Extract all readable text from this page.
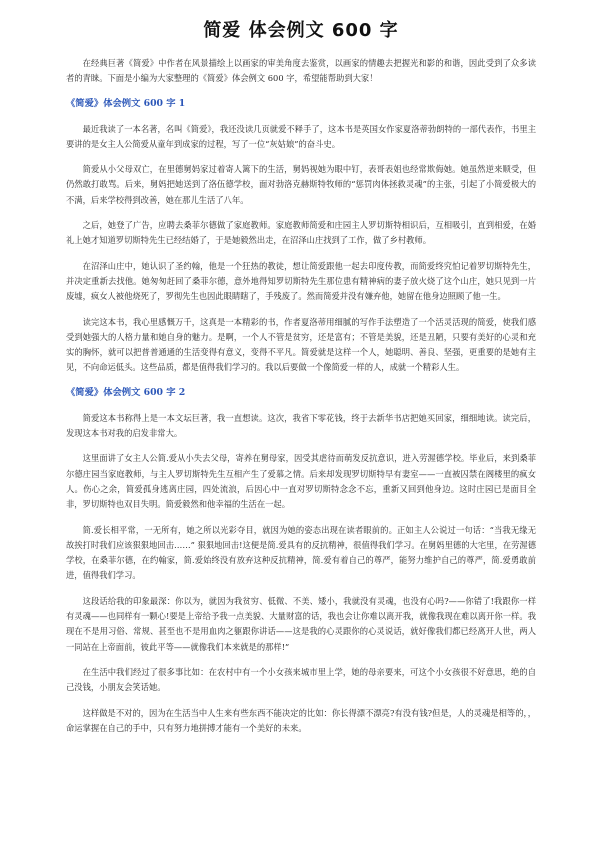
简爱 体会例文 600 字

在经典巨著《简爱》中作者在风景描绘上以画家的审美角度去鉴赏，以画家的情趣去把握光和影的和谐，因此受到了众多读者的青睐。下面是小编为大家整理的《简爱》体会例文 600 字，希望能帮助到大家！

《简爱》体会例文 600 字 1

最近我读了一本名著，名叫《简爱》，我还没读几页就爱不释手了，这本书是英国女作家夏洛蒂勃朗特的一部代表作，书里主要讲的是女主人公简爱从童年到成家的过程，写了一位“灰姑娘”的奋斗史。

简爱从小父母双亡，在里德舅妈家过着寄人篱下的生活，舅妈视她为眼中钉，表哥表姐也经常欺侮她。她虽然逆来顺受，但仍然敢打敢骂。后来，舅妈把她送到了洛伍德学校，面对勃洛克赫斯特牧师的“惩罚肉体拯救灵魂”的主张，引起了小简爱极大的不满，后来学校得到改善，她在那儿生活了八年。

之后，她登了广告，应聘去桑菲尔德做了家庭教师。家庭教师简爱和庄园主人罗切斯特相识后，互相吸引，直到相爱，在婚礼上她才知道罗切斯特先生已经结婚了，于是她毅然出走，在沼泽山庄找到了工作，做了乡村教师。

在沼泽山庄中，她认识了圣约翰，他是一个狂热的教徒，想让简爱跟他一起去印度传教，而简爱终究怕记着罗切斯特先生，并决定重新去找他。她匆匆赶回了桑菲尔德，意外地得知罗切斯特先生那位患有精神病的妻子放火烧了这个山庄，她只见到一片废墟，疯女人被他烧死了，罗彻先生也因此眼睛瞎了，手残废了。然而简爱并没有嫌弃他，她留在他身边照顾了他一生。

读完这本书，我心里感慨万千，这真是一本精彩的书，作者夏洛蒂用细腻的写作手法塑造了一个活灵活现的简爱，使我们感受到她强大的人格力量和她自身的魅力。是啊，一个人不管是贫穷，还是富有；不管是美貌，还是丑陋，只要有美好的心灵和充实的胸怀，就可以把普普通通的生活变得有意义，变得不平凡。简爱就是这样一个人，她聪明、善良、坚强，更重要的是她有主见，不向命运低头。这些品质，都是值得我们学习的。我以后要做一个像简爱一样的人，成就一个精彩人生。

《简爱》体会例文 600 字 2

简爱这本书称得上是一本文坛巨著，我一直想读。这次，我省下零花钱，终于去新华书店把她买回家，细细地读。读完后，发现这本书对我的启发非常大。

这里面讲了女主人公简.爱从小失去父母，寄养在舅母家，因受其虐待而萌发反抗意识，进入劳渥德学校。毕业后，来到桑菲尔德庄园当家庭教师，与主人罗切斯特先生互相产生了爱慕之情。后来却发现罗切斯特早有妻室——一直被囚禁在阁楼里的疯女人。伤心之余，简爱孤身逃离庄园，四处流浪，后因心中一直对罗切斯特念念不忘，重新又回到他身边。这时庄园已是面目全非，罗切斯特也双目失明。简爱毅然和他幸福的生活在一起。

简.爱长相平常，一无所有，她之所以光彩夺目，就因为她的姿态出现在读者眼前的。正如主人公说过一句话：“当我无缘无故挨打时我们应该狠狠地回击……” 狠狠地回击!这便是简.爱具有的反抗精神，很值得我们学习。在舅妈里德的大宅里，在劳渥德学校，在桑菲尔德，在约翰家，简.爱始终没有放弃这种反抗精神，简.爱有着自己的尊严，能努力维护自己的尊严，简.爱勇敢前进，值得我们学习。

这段话给我的印象最深：你以为，就因为我贫穷、低微、不美、矮小，我就没有灵魂，也没有心吗?——你错了!我跟你一样有灵魂——也同样有一颗心!要是上帝给予我一点美貌、大量财富的话，我也会让你难以离开我，就像我现在难以离开你一样。我现在不是用习俗、常规、甚至也不是用血肉之躯跟你讲话——这是我的心灵跟你的心灵说话，就好像我们都已经离开人世，两人一同站在上帝面前，彼此平等——就像我们本来就是的那样!”

在生活中我们经过了很多事比如：在农村中有一个小女孩来城市里上学，她的母亲要来，可这个小女孩很不好意思，绝的自己没钱，小朋友会笑话她。

这样做是不对的，因为在生活当中人生来有些东西不能决定的比如：你长得漂不漂亮?有没有钱?但是，人的灵魂是相等的，，命运掌握在自己的手中，只有努力地拼搏才能有一个美好的未来。
